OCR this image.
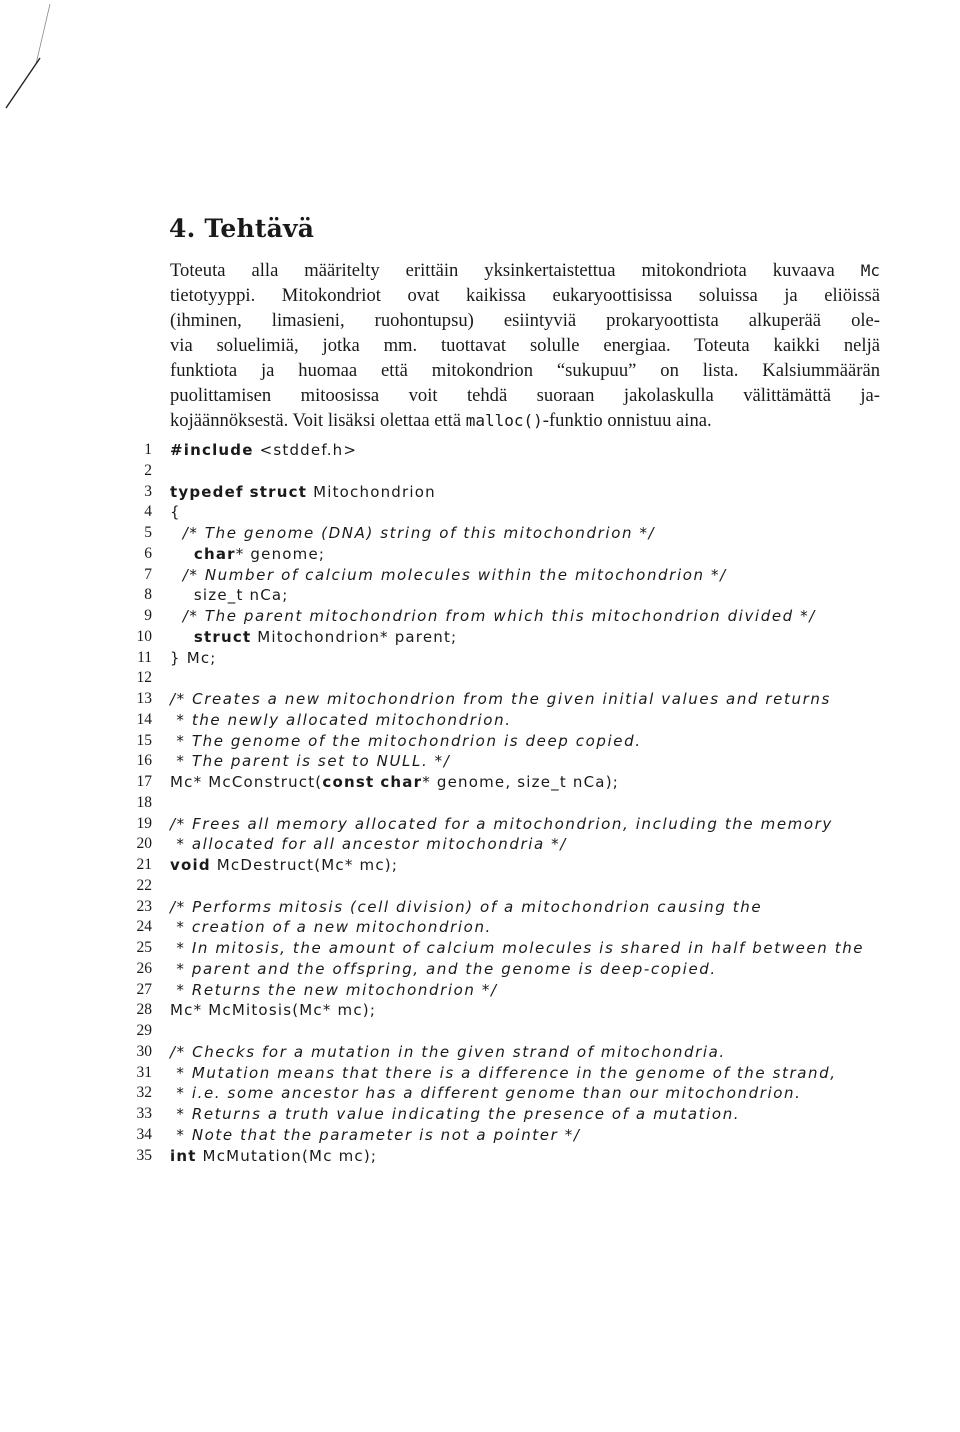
4. Tehtävä
Toteuta alla määritelty erittäin yksinkertaistettua mitokondriota kuvaava Mc
tietotyyppi. Mitokondriot ovat kaikissa eukaryoottisissa soluissa ja eliöissä
(ihminen, limasieni, ruohontupsu) esiintyviä prokaryoottista alkuperää ole-
via soluelimiä, jotka mm. tuottavat solulle energiaa. Toteuta kaikki neljä
funktiota ja huomaa että mitokondrion “sukupuu” on lista. Kalsiummäärän
puolittamisen mitoosissa voit tehdä suoraan jakolaskulla välittämättä ja-
kojäännöksestä. Voit lisäksi olettaa että malloc()-funktio onnistuu aina.
1 #include <stddef.h>
2
3 typedef struct Mitochondrion
4 {
5 /* The genome (DNA) string of this mitochondrion */
6	char* genome;
7 /* Number of calcium molecules within the mitochondrion */
8 size_t nCa;
9 /* The parent mitochondrion from which this mitochondrion divided */
10	struct Mitochondrion* parent;
11 } Mc;
12
13 /* Creates a new mitochondrion from the given initial values and returns
14 * the newly allocated mitochondrion.
15 * The genome of the mitochondrion is deep copied.
16 * The parent is set to NULL. */
17 Mc* McConstruct(const char* genome, size_t nCa);
18
19 /* Frees all memory allocated for a mitochondrion, including the memory
20 * allocated for all ancestor mitochondria */
21 void McDestruct(Mc* mc);
22
23 /* Performs mitosis (cell division) of a mitochondrion causing the
24 * creation of a new mitochondrion.
25 * In mitosis, the amount of calcium molecules is shared in half between the
26 * parent and the offspring, and the genome is deep-copied.
27 * Returns the new mitochondrion */
28 Mc* McMitosis(Mc* mc);
29
30 /* Checks for a mutation in the given strand of mitochondria.
31 * Mutation means that there is a difference in the genome of the strand,
32 * i.e. some ancestor has a different genome than our mitochondrion.
33 * Returns a truth value indicating the presence of a mutation.
34 * Note that the parameter is not a pointer */
35 int McMutation(Mc mc);
